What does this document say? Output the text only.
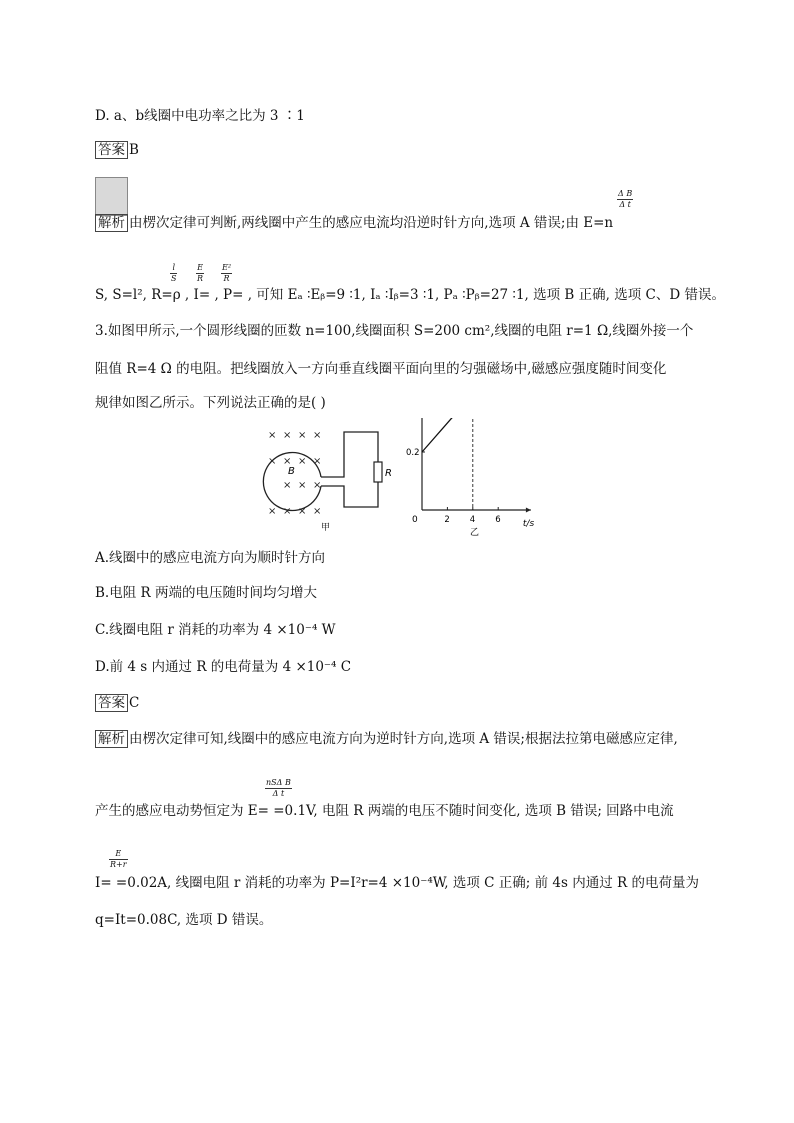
D. a、b线圈中电功率之比为 3 ∶1
答案 B
$\frac{\text{Δ B}}{\text{Δ t}}$
解析 由楞次定律可判断,两线圈中产生的感应电流均沿逆时针方向,选项 A 错误;由 E=n
$\frac{l}{S} \frac{E}{R} \frac{\text{E²}}{R}$
S, S=l², R=ρ , I= , P= , 可知 Eₐ ∶Eᵦ=9 ∶1, Iₐ ∶Iᵦ=3 ∶1, Pₐ ∶Pᵦ=27 ∶1, 选项 B 正确, 选项 C、D 错误。
3.如图甲所示,一个圆形线圈的匝数 n=100,线圈面积 S=200 cm²,线圈的电阻 r=1 Ω,线圈外接一个
阻值 R=4 Ω 的电阻。把线圈放入一方向垂直线圈平面向里的匀强磁场中,磁感应强度随时间变化
规律如图乙所示。下列说法正确的是( )
× × × ×
× × × ×
× × ×
× × × ×
B	R
甲	t/s
0
0.2
2 4 6
乙
A.线圈中的感应电流方向为顺时针方向
B.电阻 R 两端的电压随时间均匀增大
C.线圈电阻 r 消耗的功率为 4 ×10⁻⁴ W
D.前 4 s 内通过 R 的电荷量为 4 ×10⁻⁴ C
答案 C
解析 由楞次定律可知,线圈中的感应电流方向为逆时针方向,选项 A 错误;根据法拉第电磁感应定律,
nSΔ B
Δ t
产生的感应电动势恒定为 E= =0.1V, 电阻 R 两端的电压不随时间变化, 选项 B 错误; 回路中电流
$\frac{E}{R+r}$
I= =0.02A, 线圈电阻 r 消耗的功率为 P=I²r=4 ×10⁻⁴W, 选项 C 正确; 前 4s 内通过 R 的电荷量为
q=It=0.08C, 选项 D 错误。
